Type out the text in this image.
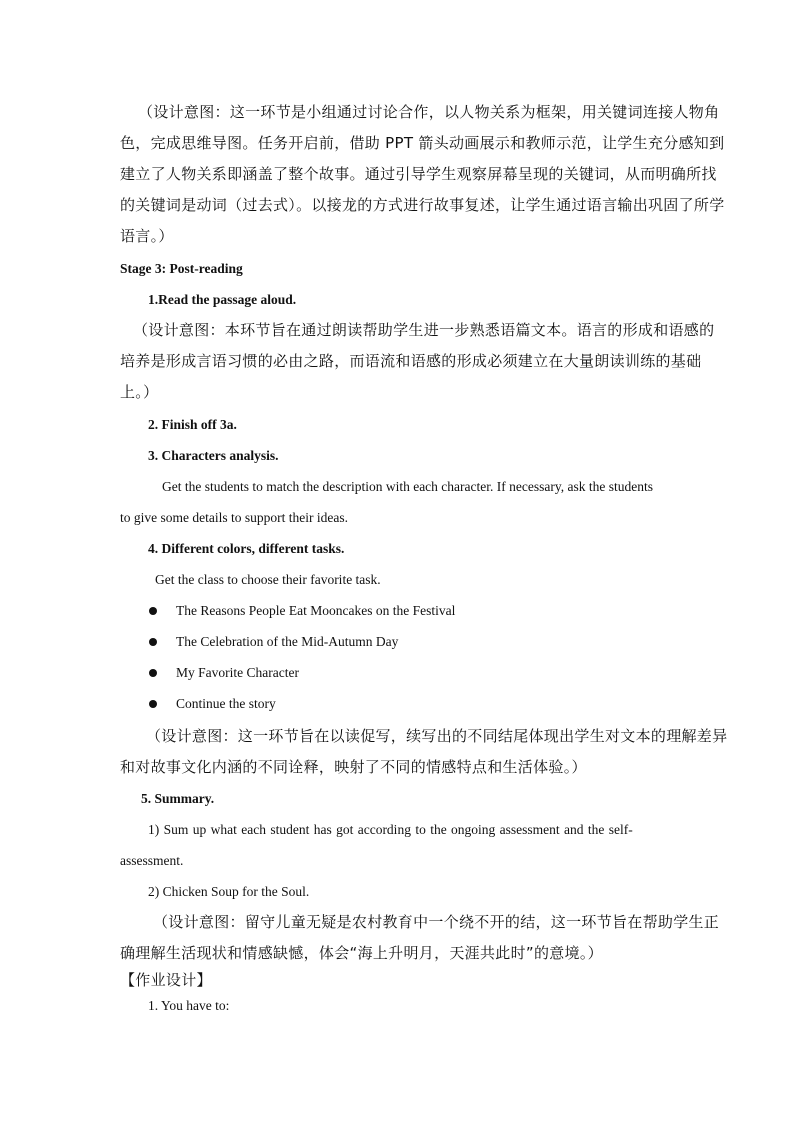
（设计意图：这一环节是小组通过讨论合作，以人物关系为框架，用关键词连接人物角
色，完成思维导图。任务开启前，借助 PPT 箭头动画展示和教师示范，让学生充分感知到
建立了人物关系即涵盖了整个故事。通过引导学生观察屏幕呈现的关键词，从而明确所找
的关键词是动词（过去式）。以接龙的方式进行故事复述，让学生通过语言输出巩固了所学
语言。）
Stage 3: Post-reading
1.Read the passage aloud.
（设计意图：本环节旨在通过朗读帮助学生进一步熟悉语篇文本。语言的形成和语感的
培养是形成言语习惯的必由之路，而语流和语感的形成必须建立在大量朗读训练的基础
上。）
2. Finish off 3a.
3. Characters analysis.
Get the students to match the description with each character. If necessary, ask the students
to give some details to support their ideas.
4. Different colors, different tasks.
Get the class to choose their favorite task.
The Reasons People Eat Mooncakes on the Festival
The Celebration of the Mid-Autumn Day
My Favorite Character
Continue the story
（设计意图：这一环节旨在以读促写，续写出的不同结尾体现出学生对文本的理解差异
和对故事文化内涵的不同诠释，映射了不同的情感特点和生活体验。）
5. Summary.
1) Sum up what each student has got according to the ongoing assessment and the self-
assessment.
2) Chicken Soup for the Soul.
（设计意图：留守儿童无疑是农村教育中一个绕不开的结，这一环节旨在帮助学生正
确理解生活现状和情感缺憾，体会“海上升明月，天涯共此时”的意境。）
【作业设计】
1. You have to:
